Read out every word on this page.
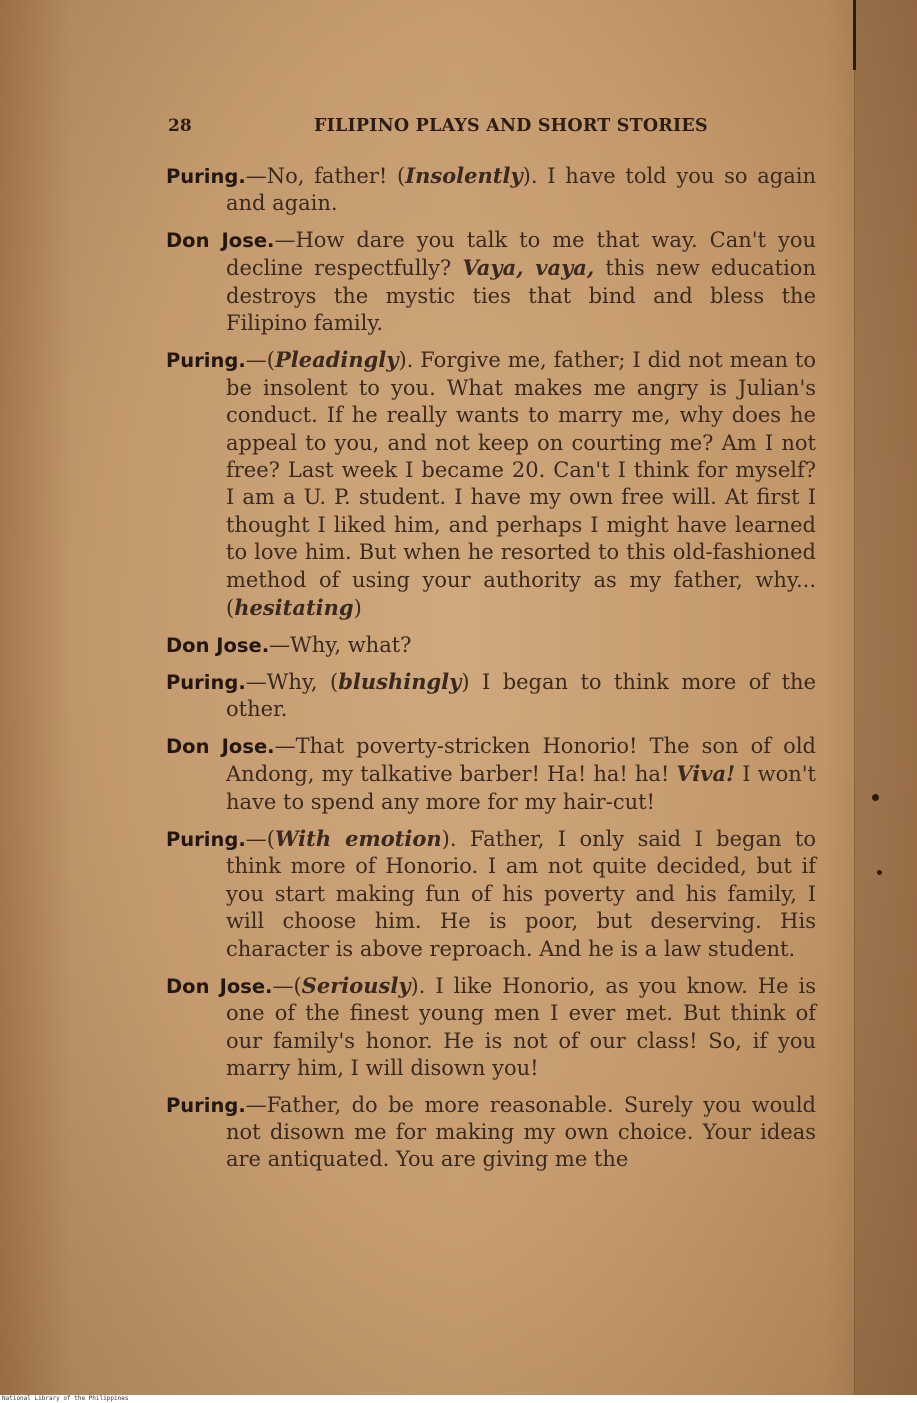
28	FILIPINO PLAYS AND SHORT STORIES

Puring.—No, father! (Insolently). I have told you so again and again.

Don Jose.—How dare you talk to me that way. Can't you decline respectfully? Vaya, vaya, this new education destroys the mystic ties that bind and bless the Filipino family.

Puring.—(Pleadingly). Forgive me, father; I did not mean to be insolent to you. What makes me angry is Julian's conduct. If he really wants to marry me, why does he appeal to you, and not keep on courting me? Am I not free? Last week I became 20. Can't I think for myself? I am a U. P. student. I have my own free will. At first I thought I liked him, and perhaps I might have learned to love him. But when he resorted to this old-fashioned method of using your authority as my father, why... (hesitating)

Don Jose.—Why, what?

Puring.—Why, (blushingly) I began to think more of the other.

Don Jose.—That poverty-stricken Honorio! The son of old Andong, my talkative barber! Ha! ha! ha! Viva! I won't have to spend any more for my hair-cut!

Puring.—(With emotion). Father, I only said I began to think more of Honorio. I am not quite decided, but if you start making fun of his poverty and his family, I will choose him. He is poor, but deserving. His character is above reproach. And he is a law student.

Don Jose.—(Seriously). I like Honorio, as you know. He is one of the finest young men I ever met. But think of our family's honor. He is not of our class! So, if you marry him, I will disown you!

Puring.—Father, do be more reasonable. Surely you would not disown me for making my own choice. Your ideas are antiquated. You are giving me the

National Library of the Philippines
